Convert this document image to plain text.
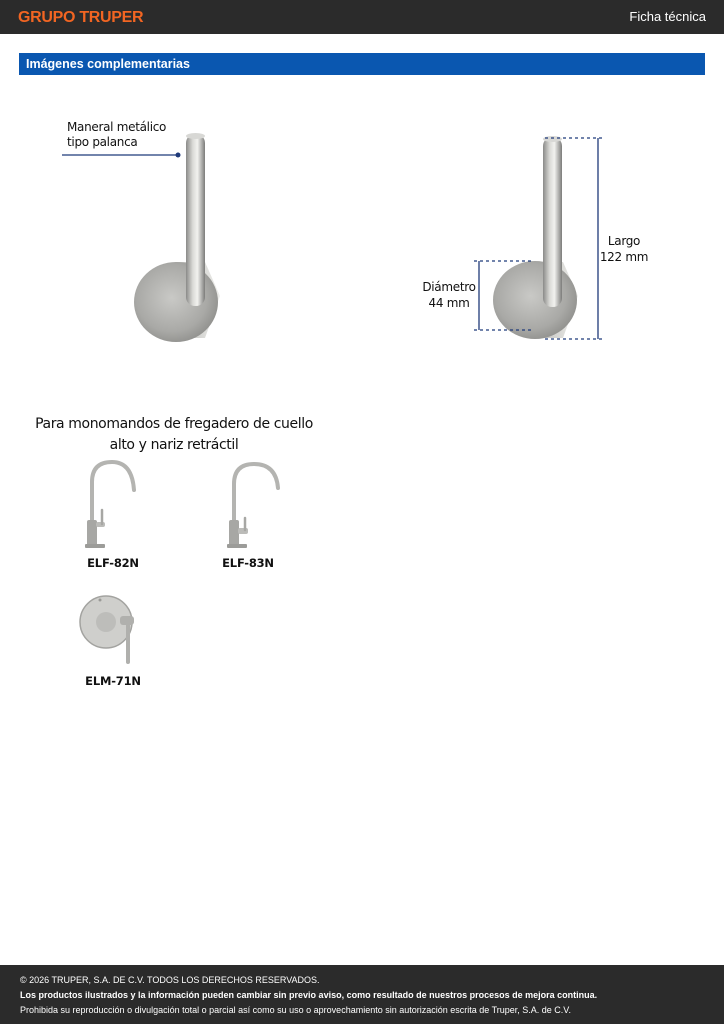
GRUPO TRUPER	Ficha técnica
Imágenes complementarias
Maneral metálico
tipo palanca
Largo
122 mm
Diámetro
44 mm
Para monomandos de fregadero de cuello
alto y nariz retráctil
ELF-82N	ELF-83N
ELM-71N
© 2026 TRUPER, S.A. DE C.V. TODOS LOS DERECHOS RESERVADOS.
Los productos ilustrados y la información pueden cambiar sin previo aviso, como resultado de nuestros procesos de mejora continua.
Prohibida su reproducción o divulgación total o parcial así como su uso o aprovechamiento sin autorización escrita de Truper, S.A. de C.V.
